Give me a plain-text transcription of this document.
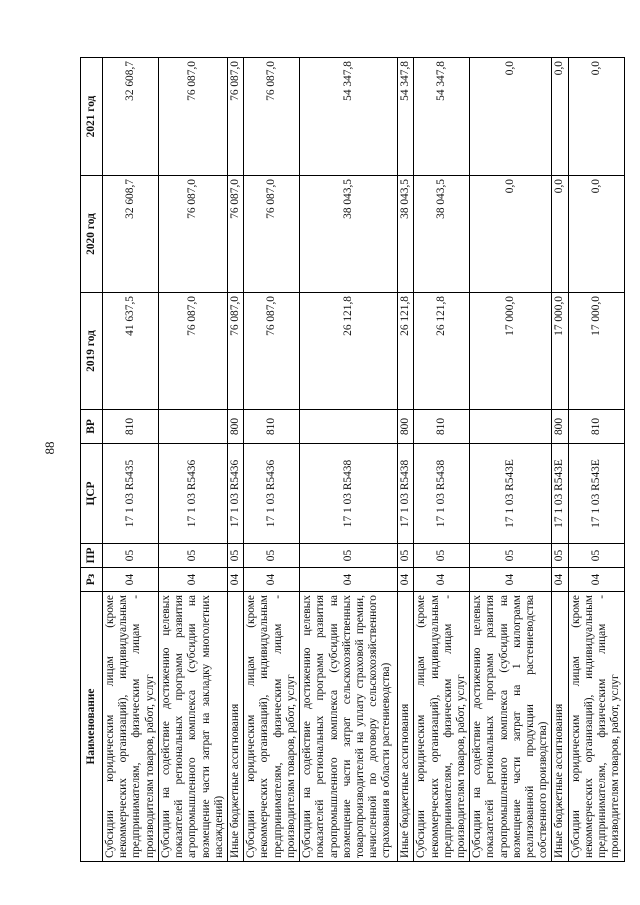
88
Наименование	Рз	ПР	ЦСР	ВР	2019 год	2020 год	2021 год
Субсидии юридическим лицам (кроме некоммерческих организаций), индивидуальным предпринимателям, физическим лицам - производителям товаров, работ, услуг	04	05	17 1 03 R5435	810	41 637,5	32 608,7	32 608,7
Субсидии на содействие достижению целевых показателей региональных программ развития агропромышленного комплекса (субсидии на возмещение части затрат на закладку многолетних насаждений)	04	05	17 1 03 R5436		76 087,0	76 087,0	76 087,0
Иные бюджетные ассигнования	04	05	17 1 03 R5436	800	76 087,0	76 087,0	76 087,0
Субсидии юридическим лицам (кроме некоммерческих организаций), индивидуальным предпринимателям, физическим лицам - производителям товаров, работ, услуг	04	05	17 1 03 R5436	810	76 087,0	76 087,0	76 087,0
Субсидии на содействие достижению целевых показателей региональных программ развития агропромышленного комплекса (субсидии на возмещение части затрат сельскохозяйственных товаропроизводителей на уплату страховой премии, начисленной по договору сельскохозяйственного страхования в области растениеводства)	04	05	17 1 03 R5438		26 121,8	38 043,5	54 347,8
Иные бюджетные ассигнования	04	05	17 1 03 R5438	800	26 121,8	38 043,5	54 347,8
Субсидии юридическим лицам (кроме некоммерческих организаций), индивидуальным предпринимателям, физическим лицам - производителям товаров, работ, услуг	04	05	17 1 03 R5438	810	26 121,8	38 043,5	54 347,8
Субсидии на содействие достижению целевых показателей региональных программ развития агропромышленного комплекса (субсидии на возмещение части затрат на 1 килограмм реализованной продукции растениеводства собственного производства)	04	05	17 1 03 R543E		17 000,0	0,0	0,0
Иные бюджетные ассигнования	04	05	17 1 03 R543E	800	17 000,0	0,0	0,0
Субсидии юридическим лицам (кроме некоммерческих организаций), индивидуальным предпринимателям, физическим лицам - производителям товаров, работ, услуг	04	05	17 1 03 R543E	810	17 000,0	0,0	0,0
